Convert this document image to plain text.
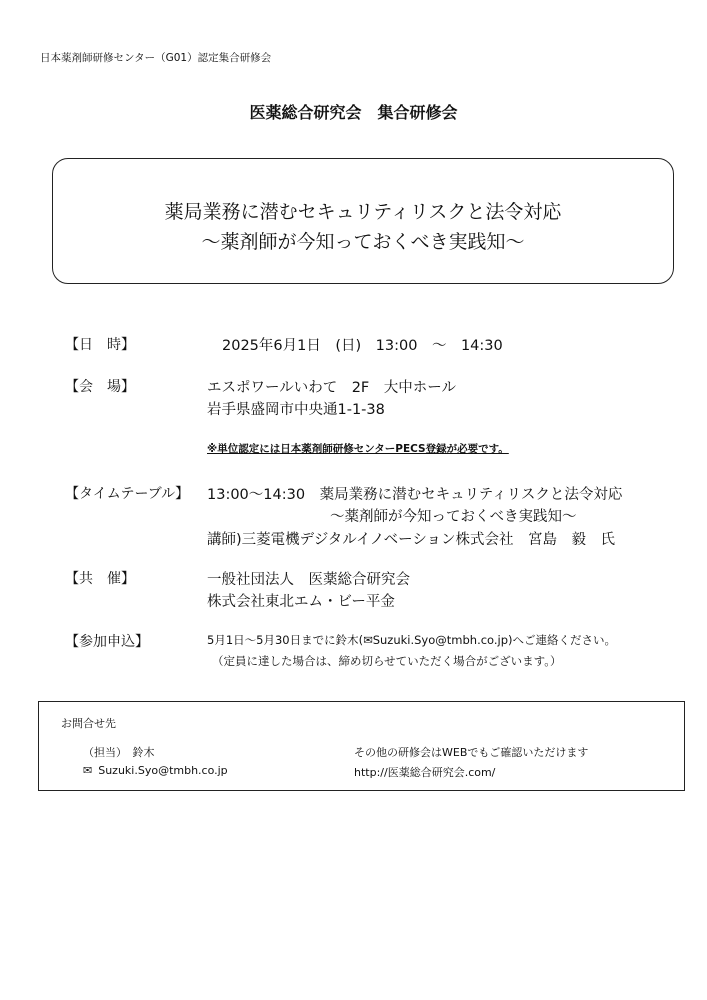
日本薬剤師研修センター（G01）認定集合研修会
医薬総合研究会　集合研修会
薬局業務に潜むセキュリティリスクと法令対応
～薬剤師が今知っておくべき実践知～
【日　時】	2025年6月1日　(日)　13:00　～　14:30
【会　場】	エスポワールいわて　2F　大中ホール
岩手県盛岡市中央通1-1-38
※単位認定には日本薬剤師研修センターPECS登録が必要です。
【タイムテーブル】 13:00～14:30　薬局業務に潜むセキュリティリスクと法令対応
～薬剤師が今知っておくべき実践知～
講師)三菱電機デジタルイノベーション株式会社　宮島　毅　氏
【共　催】	一般社団法人　医薬総合研究会
株式会社東北エム・ビー平金
【参加申込】	5月1日～5月30日までに鈴木(✉Suzuki.Syo@tmbh.co.jp)へご連絡ください。
（定員に達した場合は、締め切らせていただく場合がございます。）
お問合せ先
（担当）　鈴木
✉ Suzuki.Syo@tmbh.co.jp
その他の研修会はWEBでもご確認いただけます
http://医薬総合研究会.com/
